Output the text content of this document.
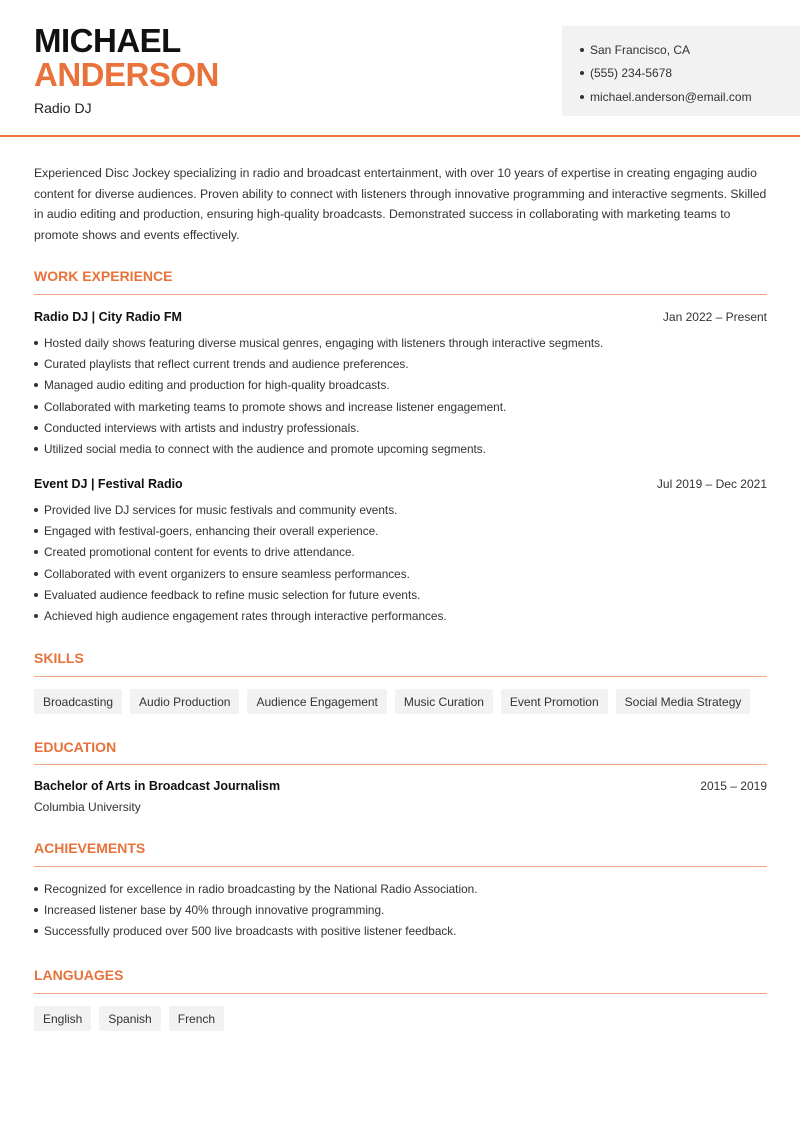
MICHAEL
ANDERSON
Radio DJ
San Francisco, CA
(555) 234-5678
michael.anderson@email.com
Experienced Disc Jockey specializing in radio and broadcast entertainment, with over 10 years of expertise in creating engaging audio content for diverse audiences. Proven ability to connect with listeners through innovative programming and interactive segments. Skilled in audio editing and production, ensuring high-quality broadcasts. Demonstrated success in collaborating with marketing teams to promote shows and events effectively.
WORK EXPERIENCE
Radio DJ | City Radio FM	Jan 2022 – Present
Hosted daily shows featuring diverse musical genres, engaging with listeners through interactive segments.
Curated playlists that reflect current trends and audience preferences.
Managed audio editing and production for high-quality broadcasts.
Collaborated with marketing teams to promote shows and increase listener engagement.
Conducted interviews with artists and industry professionals.
Utilized social media to connect with the audience and promote upcoming segments.
Event DJ | Festival Radio	Jul 2019 – Dec 2021
Provided live DJ services for music festivals and community events.
Engaged with festival-goers, enhancing their overall experience.
Created promotional content for events to drive attendance.
Collaborated with event organizers to ensure seamless performances.
Evaluated audience feedback to refine music selection for future events.
Achieved high audience engagement rates through interactive performances.
SKILLS
Broadcasting	Audio Production	Audience Engagement	Music Curation	Event Promotion	Social Media Strategy
EDUCATION
Bachelor of Arts in Broadcast Journalism	2015 – 2019
Columbia University
ACHIEVEMENTS
Recognized for excellence in radio broadcasting by the National Radio Association.
Increased listener base by 40% through innovative programming.
Successfully produced over 500 live broadcasts with positive listener feedback.
LANGUAGES
English	Spanish	French
